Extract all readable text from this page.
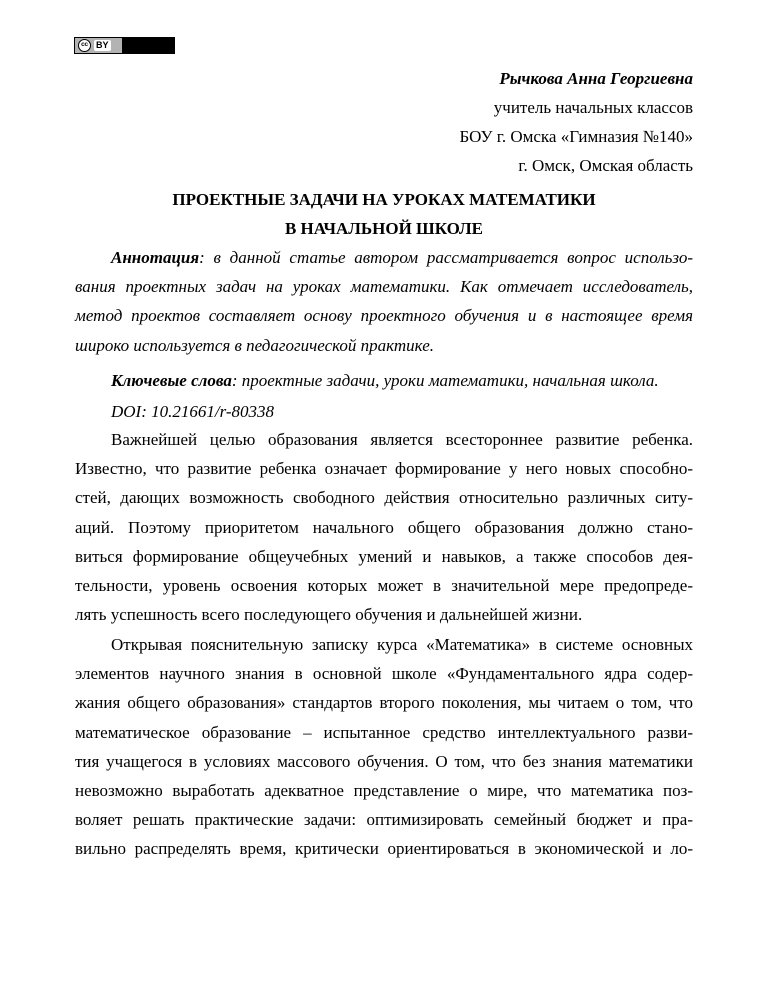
cc BY
Рычкова Анна Георгиевна
учитель начальных классов
БОУ г. Омска «Гимназия №140»
г. Омск, Омская область
ПРОЕКТНЫЕ ЗАДАЧИ НА УРОКАХ МАТЕМАТИКИ
В НАЧАЛЬНОЙ ШКОЛЕ
Аннотация: в данной статье автором рассматривается вопрос использо-
вания проектных задач на уроках математики. Как отмечает исследователь,
метод проектов составляет основу проектного обучения и в настоящее время
широко используется в педагогической практике.
Ключевые слова: проектные задачи, уроки математики, начальная школа.
DOI: 10.21661/r-80338
Важнейшей целью образования является всестороннее развитие ребенка.
Известно, что развитие ребенка означает формирование у него новых способно-
стей, дающих возможность свободного действия относительно различных ситу-
аций. Поэтому приоритетом начального общего образования должно стано-
виться формирование общеучебных умений и навыков, а также способов дея-
тельности, уровень освоения которых может в значительной мере предопреде-
лять успешность всего последующего обучения и дальнейшей жизни.
Открывая пояснительную записку курса «Математика» в системе основных
элементов научного знания в основной школе «Фундаментального ядра содер-
жания общего образования» стандартов второго поколения, мы читаем о том, что
математическое образование – испытанное средство интеллектуального разви-
тия учащегося в условиях массового обучения. О том, что без знания математики
невозможно выработать адекватное представление о мире, что математика поз-
воляет решать практические задачи: оптимизировать семейный бюджет и пра-
вильно распределять время, критически ориентироваться в экономической и ло-
